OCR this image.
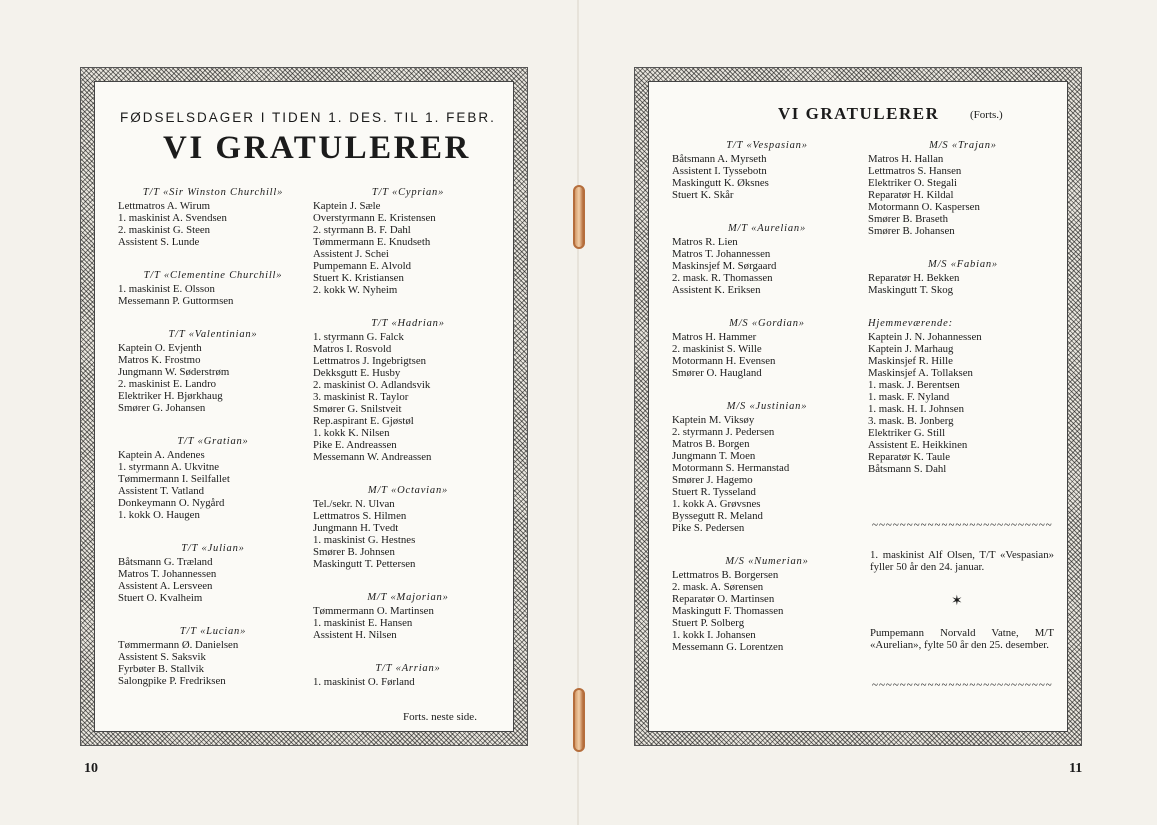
FØDSELSDAGER I TIDEN 1. DES. TIL 1. FEBR.
VI GRATULERER
T/T «Sir Winston Churchill»
Lettmatros A. Wirum
1. maskinist A. Svendsen
2. maskinist G. Steen
Assistent S. Lunde
T/T «Clementine Churchill»
1. maskinist E. Olsson
Messemann P. Guttormsen
T/T «Valentinian»
Kaptein O. Evjenth
Matros K. Frostmo
Jungmann W. Søderstrøm
2. maskinist E. Landro
Elektriker H. Bjørkhaug
Smører G. Johansen
T/T «Gratian»
Kaptein A. Andenes
1. styrmann A. Ukvitne
Tømmermann I. Seilfallet
Assistent T. Vatland
Donkeymann O. Nygård
1. kokk O. Haugen
T/T «Julian»
Båtsmann G. Træland
Matros T. Johannessen
Assistent A. Lersveen
Stuert O. Kvalheim
T/T «Lucian»
Tømmermann Ø. Danielsen
Assistent S. Saksvik
Fyrbøter B. Stallvik
Salongpike P. Fredriksen
T/T «Cyprian»
Kaptein J. Sæle
Overstyrmann E. Kristensen
2. styrmann B. F. Dahl
Tømmermann E. Knudseth
Assistent J. Schei
Pumpemann E. Alvold
Stuert K. Kristiansen
2. kokk W. Nyheim
T/T «Hadrian»
1. styrmann G. Falck
Matros I. Rosvold
Lettmatros J. Ingebrigtsen
Dekksgutt E. Husby
2. maskinist O. Adlandsvik
3. maskinist R. Taylor
Smører G. Snilstveit
Rep.aspirant E. Gjøstøl
1. kokk K. Nilsen
Pike E. Andreassen
Messemann W. Andreassen
M/T «Octavian»
Tel./sekr. N. Ulvan
Lettmatros S. Hilmen
Jungmann H. Tvedt
1. maskinist G. Hestnes
Smører B. Johnsen
Maskingutt T. Pettersen
M/T «Majorian»
Tømmermann O. Martinsen
1. maskinist E. Hansen
Assistent H. Nilsen
T/T «Arrian»
1. maskinist O. Førland
Forts. neste side.
10
VI GRATULERER	(Forts.)
T/T «Vespasian»
Båtsmann A. Myrseth
Assistent I. Tyssebotn
Maskingutt K. Øksnes
Stuert K. Skår
M/T «Aurelian»
Matros R. Lien
Matros T. Johannessen
Maskinsjef M. Sørgaard
2. mask. R. Thomassen
Assistent K. Eriksen
M/S «Gordian»
Matros H. Hammer
2. maskinist S. Wille
Motormann H. Evensen
Smører O. Haugland
M/S «Justinian»
Kaptein M. Viksøy
2. styrmann J. Pedersen
Matros B. Borgen
Jungmann T. Moen
Motormann S. Hermanstad
Smører J. Hagemo
Stuert R. Tysseland
1. kokk A. Grøvsnes
Byssegutt R. Meland
Pike S. Pedersen
M/S «Numerian»
Lettmatros B. Borgersen
2. mask. A. Sørensen
Reparatør O. Martinsen
Maskingutt F. Thomassen
Stuert P. Solberg
1. kokk I. Johansen
Messemann G. Lorentzen
M/S «Trajan»
Matros H. Hallan
Lettmatros S. Hansen
Elektriker O. Stegali
Reparatør H. Kildal
Motormann O. Kaspersen
Smører B. Braseth
Smører B. Johansen
M/S «Fabian»
Reparatør H. Bekken
Maskingutt T. Skog
Hjemmeværende:
Kaptein J. N. Johannessen
Kaptein J. Marhaug
Maskinsjef R. Hille
Maskinsjef A. Tollaksen
1. mask. J. Berentsen
1. mask. F. Nyland
1. mask. H. I. Johnsen
3. mask. B. Jonberg
Elektriker G. Still
Assistent E. Heikkinen
Reparatør K. Taule
Båtsmann S. Dahl
~~~~~~~~~~~~~~~~~~~~~~~~~~
1. maskinist Alf Olsen, T/T «Vespasian» fyller 50 år den 24. januar.
✶
Pumpemann Norvald Vatne, M/T «Aurelian», fylte 50 år den 25. desember.
~~~~~~~~~~~~~~~~~~~~~~~~~~
11
